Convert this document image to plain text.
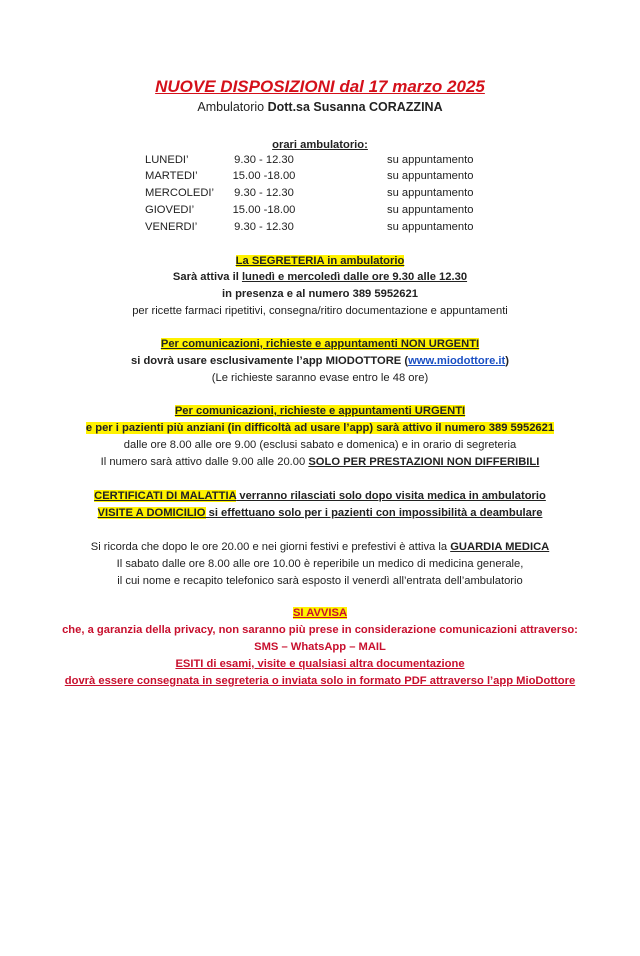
NUOVE DISPOSIZIONI dal 17 marzo 2025
Ambulatorio Dott.sa Susanna CORAZZINA
orari ambulatorio:
LUNEDI’	9.30 - 12.30	su appuntamento
MARTEDI’	15.00 -18.00	su appuntamento
MERCOLEDI’	9.30 - 12.30	su appuntamento
GIOVEDI’	15.00 -18.00	su appuntamento
VENERDI’	9.30 - 12.30	su appuntamento
La SEGRETERIA in ambulatorio
Sarà attiva il lunedì e mercoledì dalle ore 9.30 alle 12.30
in presenza e al numero 389 5952621
per ricette farmaci ripetitivi, consegna/ritiro documentazione e appuntamenti
Per comunicazioni, richieste e appuntamenti NON URGENTI
si dovrà usare esclusivamente l’app MIODOTTORE (www.miodottore.it)
(Le richieste saranno evase entro le 48 ore)
Per comunicazioni, richieste e appuntamenti URGENTI
e per i pazienti più anziani (in difficoltà ad usare l’app) sarà attivo il numero 389 5952621
dalle ore 8.00 alle ore 9.00 (esclusi sabato e domenica) e in orario di segreteria
Il numero sarà attivo dalle 9.00 alle 20.00 SOLO PER PRESTAZIONI NON DIFFERIBILI
CERTIFICATI DI MALATTIA verranno rilasciati solo dopo visita medica in ambulatorio
VISITE A DOMICILIO si effettuano solo per i pazienti con impossibilità a deambulare
Si ricorda che dopo le ore 20.00 e nei giorni festivi e prefestivi è attiva la GUARDIA MEDICA
Il sabato dalle ore 8.00 alle ore 10.00 è reperibile un medico di medicina generale,
il cui nome e recapito telefonico sarà esposto il venerdì all’entrata dell’ambulatorio
SI AVVISA
che, a garanzia della privacy, non saranno più prese in considerazione comunicazioni attraverso:
SMS – WhatsApp – MAIL
ESITI di esami, visite e qualsiasi altra documentazione
dovrà essere consegnata in segreteria o inviata solo in formato PDF attraverso l’app MioDottore
